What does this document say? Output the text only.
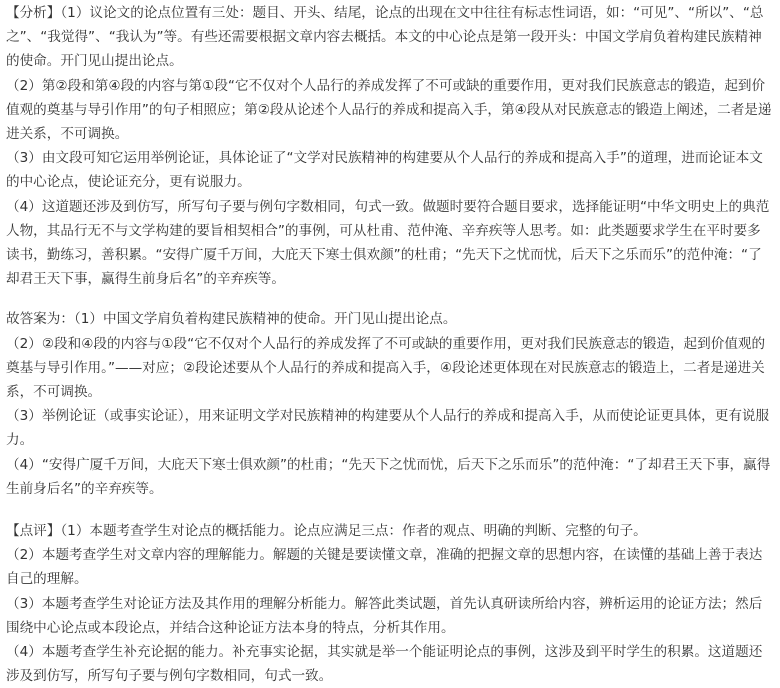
【分析】（1）议论文的论点位置有三处：题目、开头、结尾，论点的出现在文中往往有标志性词语，如：“可见”、“所以”、“总之”、“我觉得”、“我认为”等。有些还需要根据文章内容去概括。本文的中心论点是第一段开头：中国文学肩负着构建民族精神的使命。开门见山提出论点。

（2）第②段和第④段的内容与第①段“它不仅对个人品行的养成发挥了不可或缺的重要作用，更对我们民族意志的锻造，起到价值观的奠基与导引作用”的句子相照应；第②段从论述个人品行的养成和提高入手，第④段从对民族意志的锻造上阐述，二者是递进关系，不可调换。

（3）由文段可知它运用举例论证，具体论证了“文学对民族精神的构建要从个人品行的养成和提高入手”的道理，进而论证本文的中心论点，使论证充分，更有说服力。

（4）这道题还涉及到仿写，所写句子要与例句字数相同，句式一致。做题时要符合题目要求，选择能证明“中华文明史上的典范人物，其品行无不与文学构建的要旨相契相合”的事例，可从杜甫、范仲淹、辛弃疾等人思考。如：此类题要求学生在平时要多读书，勤练习，善积累。“安得广厦千万间，大庇天下寒士俱欢颜”的杜甫；“先天下之忧而忧，后天下之乐而乐”的范仲淹：“了却君王天下事，赢得生前身后名”的辛弃疾等。

故答案为：（1）中国文学肩负着构建民族精神的使命。开门见山提出论点。

（2）②段和④段的内容与①段“它不仅对个人品行的养成发挥了不可或缺的重要作用，更对我们民族意志的锻造，起到价值观的奠基与导引作用。”——对应；②段论述要从个人品行的养成和提高入手，④段论述更体现在对民族意志的锻造上，二者是递进关系，不可调换。

（3）举例论证（或事实论证），用来证明文学对民族精神的构建要从个人品行的养成和提高入手，从而使论证更具体，更有说服力。

（4）“安得广厦千万间，大庇天下寒士俱欢颜”的杜甫；“先天下之忧而忧，后天下之乐而乐”的范仲淹：“了却君王天下事，赢得生前身后名”的辛弃疾等。

【点评】（1）本题考查学生对论点的概括能力。论点应满足三点：作者的观点、明确的判断、完整的句子。

（2）本题考查学生对文章内容的理解能力。解题的关键是要读懂文章，准确的把握文章的思想内容，在读懂的基础上善于表达自己的理解。

（3）本题考查学生对论证方法及其作用的理解分析能力。解答此类试题，首先认真研读所给内容，辨析运用的论证方法；然后围绕中心论点或本段论点，并结合这种论证方法本身的特点，分析其作用。

（4）本题考查学生补充论据的能力。补充事实论据，其实就是举一个能证明论点的事例，这涉及到平时学生的积累。这道题还涉及到仿写，所写句子要与例句字数相同，句式一致。
